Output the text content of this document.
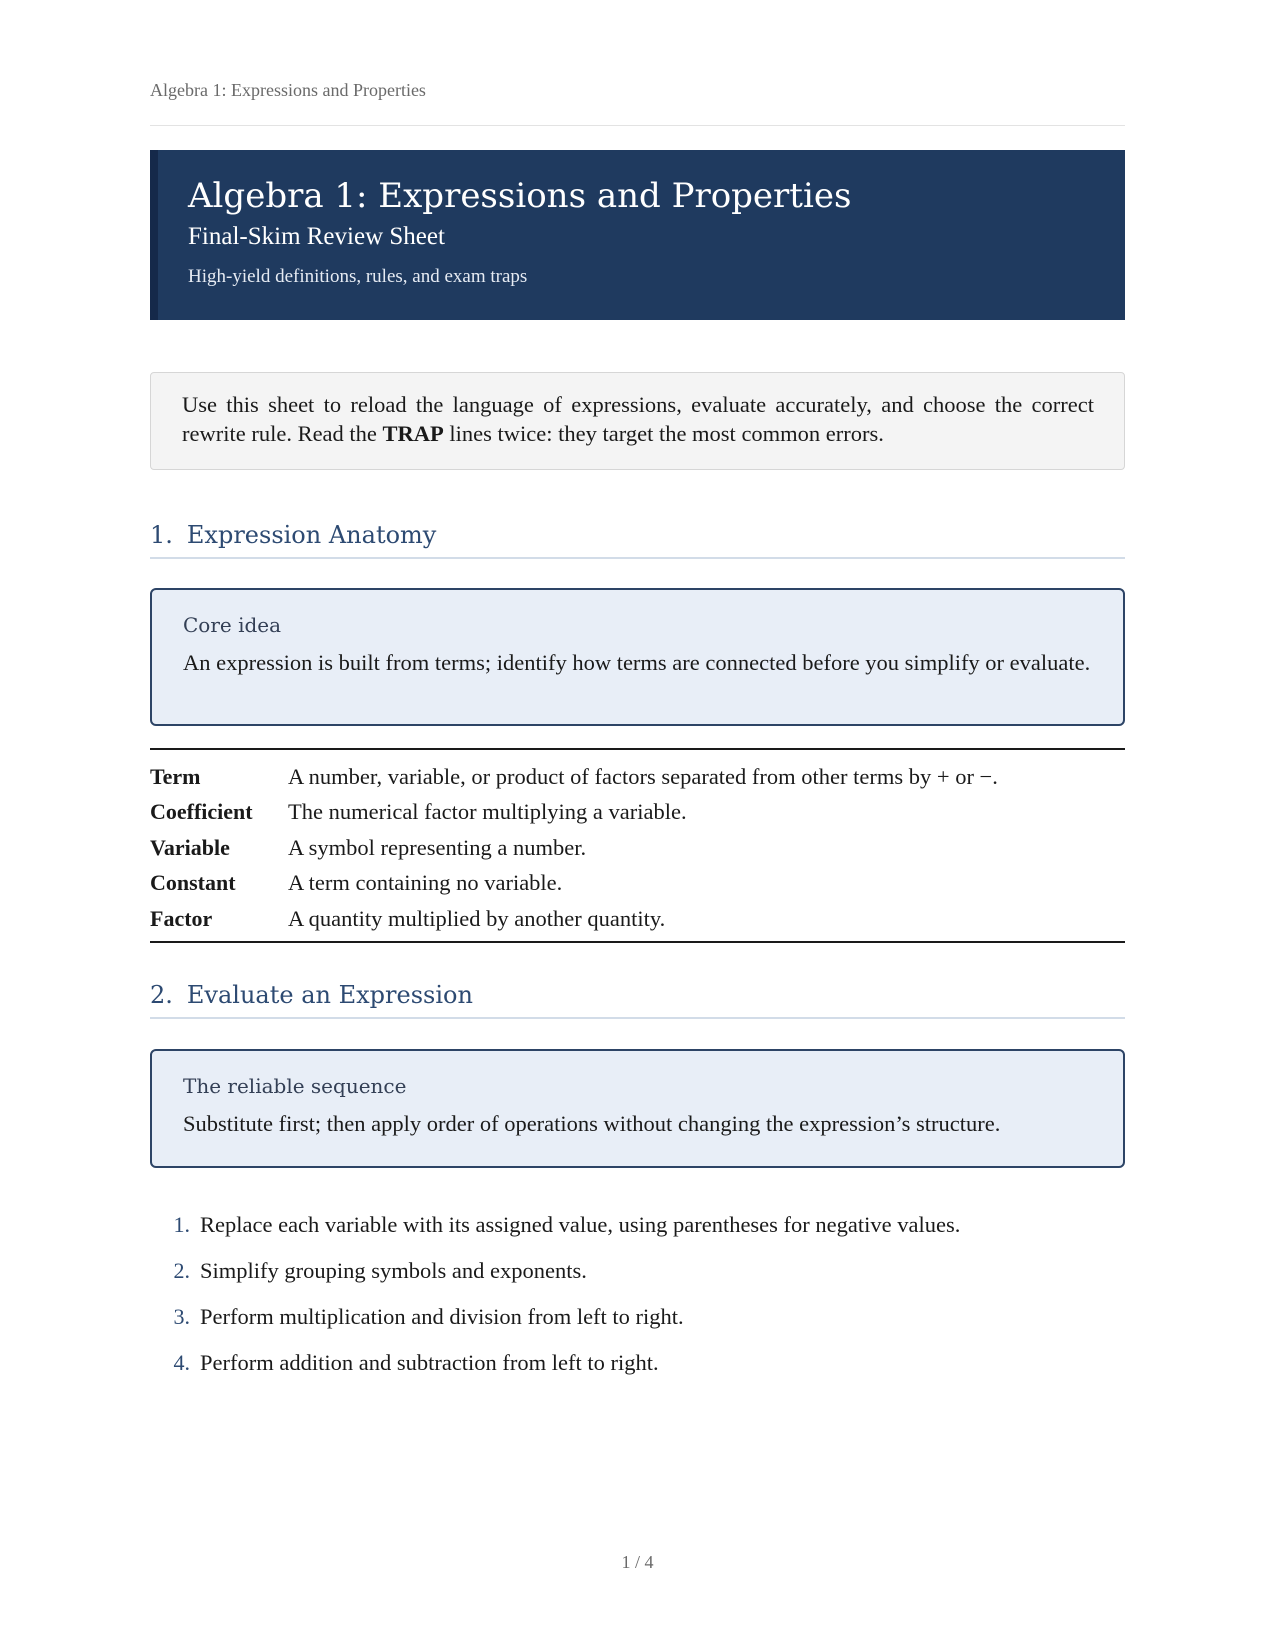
Algebra 1: Expressions and Properties
Algebra 1: Expressions and Properties
Final-Skim Review Sheet
High-yield definitions, rules, and exam traps
Use this sheet to reload the language of expressions, evaluate accurately, and choose the correct rewrite rule. Read the TRAP lines twice: they target the most common errors.
1. Expression Anatomy
Core idea
An expression is built from terms; identify how terms are connected before you simplify or evaluate.
Term	A number, variable, or product of factors separated from other terms by + or −.
Coefficient	The numerical factor multiplying a variable.
Variable	A symbol representing a number.
Constant	A term containing no variable.
Factor	A quantity multiplied by another quantity.
2. Evaluate an Expression
The reliable sequence
Substitute first; then apply order of operations without changing the expression’s structure.
1. Replace each variable with its assigned value, using parentheses for negative values.
2. Simplify grouping symbols and exponents.
3. Perform multiplication and division from left to right.
4. Perform addition and subtraction from left to right.
1 / 4
